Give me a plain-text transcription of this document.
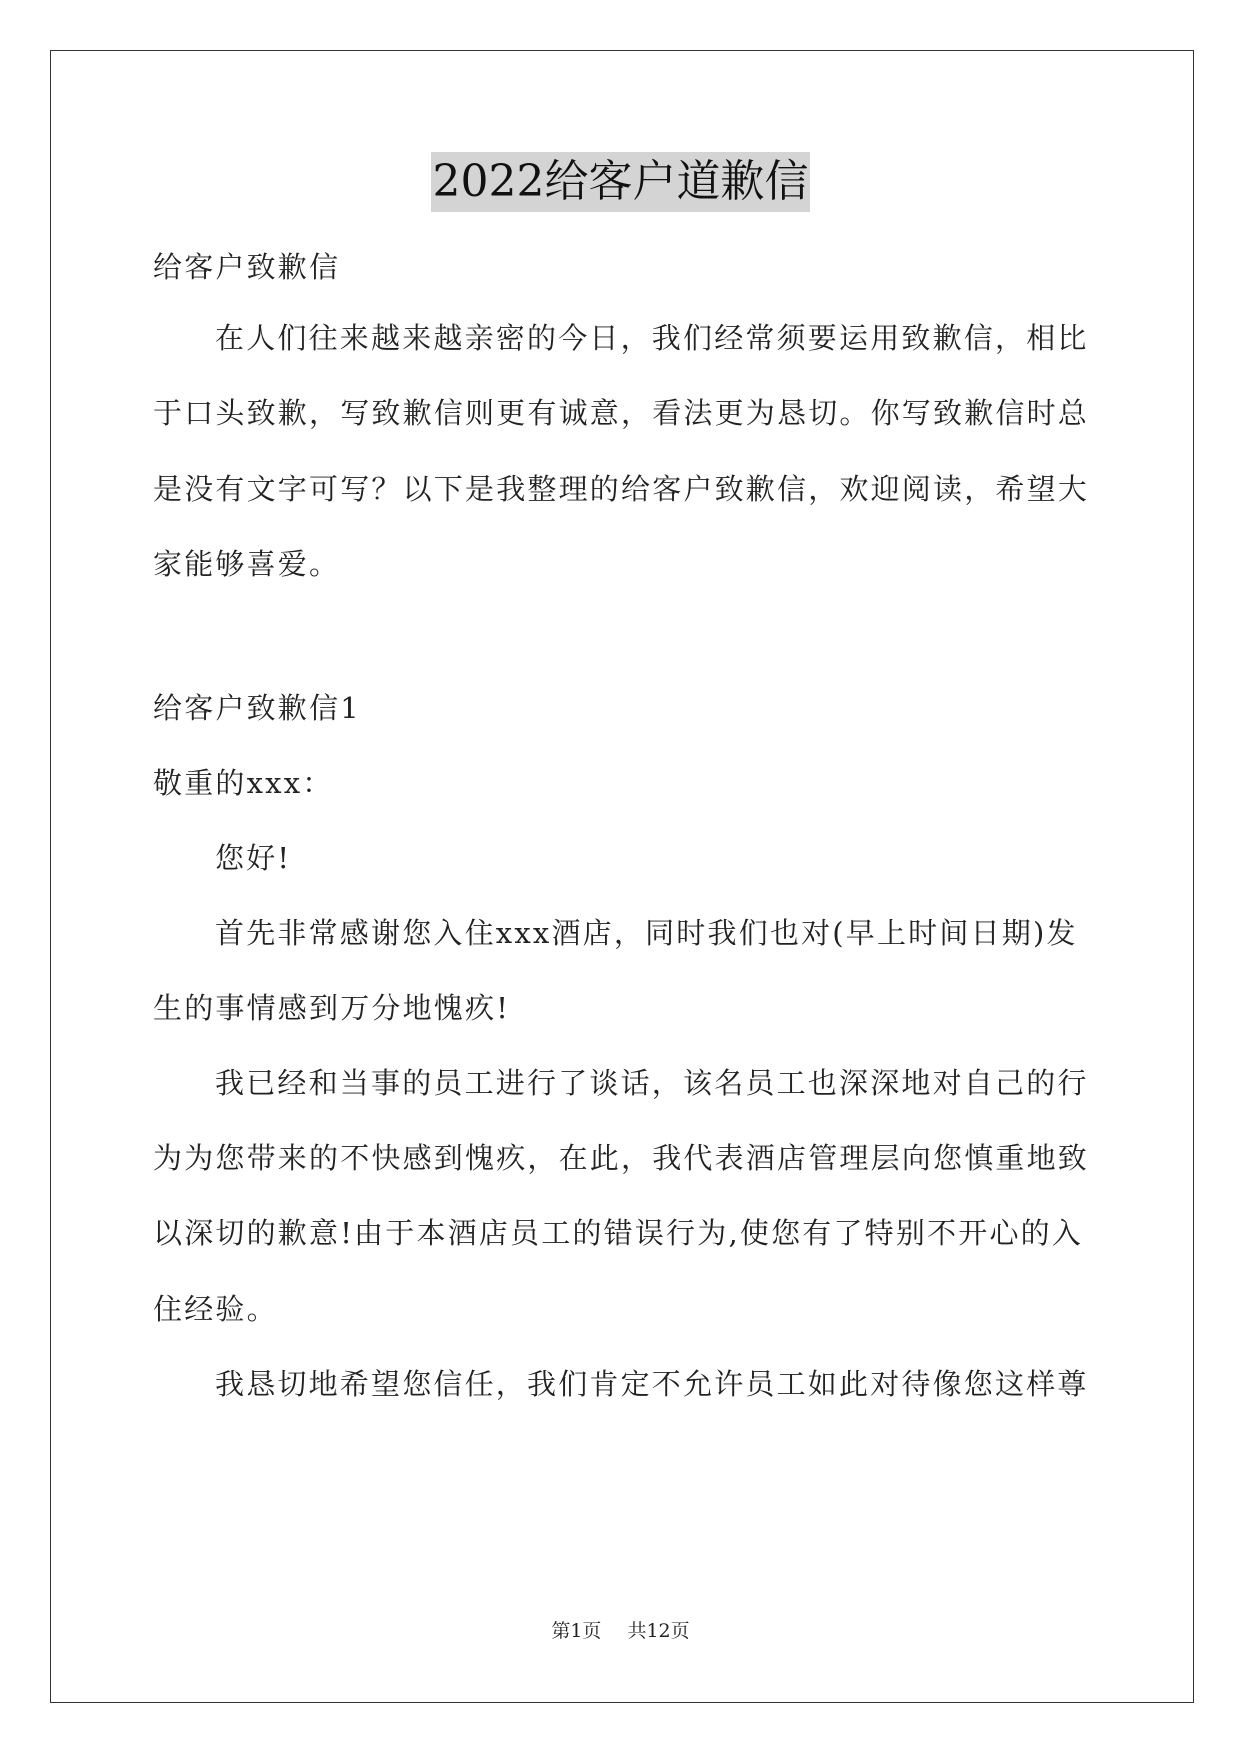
2022给客户道歉信
给客户致歉信
在人们往来越来越亲密的今日，我们经常须要运用致歉信，相比
于口头致歉，写致歉信则更有诚意，看法更为恳切。你写致歉信时总
是没有文字可写？以下是我整理的给客户致歉信，欢迎阅读，希望大
家能够喜爱。
给客户致歉信1
敬重的xxx：
您好!
首先非常感谢您入住xxx酒店，同时我们也对(早上时间日期)发
生的事情感到万分地愧疚!
我已经和当事的员工进行了谈话，该名员工也深深地对自己的行
为为您带来的不快感到愧疚，在此，我代表酒店管理层向您慎重地致
以深切的歉意!由于本酒店员工的错误行为,使您有了特别不开心的入
住经验。
我恳切地希望您信任，我们肯定不允许员工如此对待像您这样尊
第1页 共12页
